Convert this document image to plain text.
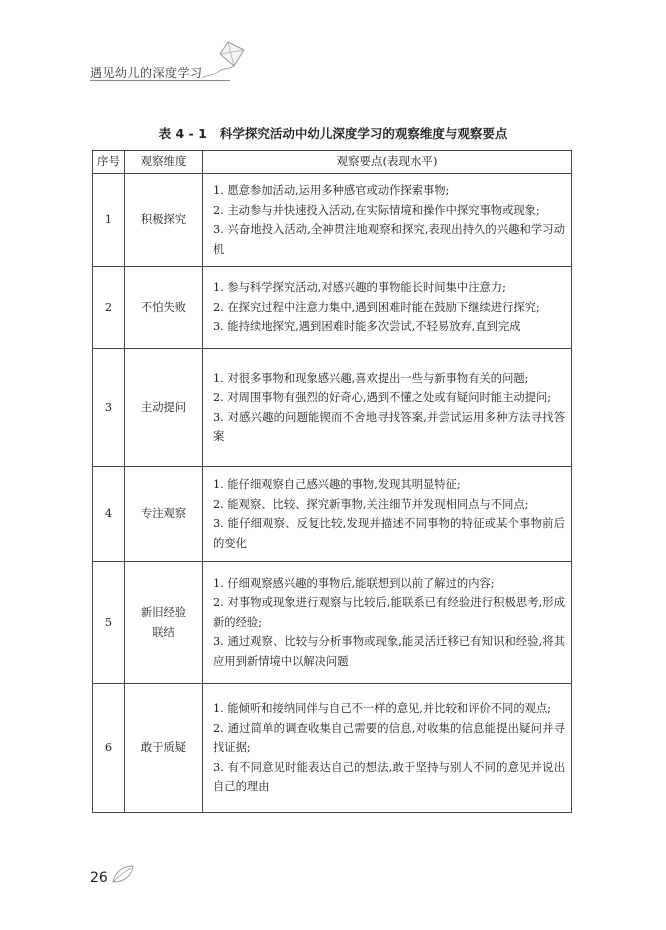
遇见幼儿的深度学习
表 4 - 1 科学探究活动中幼儿深度学习的观察维度与观察要点
序号	观察维度	观察要点(表现水平)
1	积极探究	1. 愿意参加活动,运用多种感官或动作探索事物;
2. 主动参与并快速投入活动,在实际情境和操作中探究事物或现象;
3. 兴奋地投入活动,全神贯注地观察和探究,表现出持久的兴趣和学习动机

2	不怕失败	1. 参与科学探究活动,对感兴趣的事物能长时间集中注意力;
2. 在探究过程中注意力集中,遇到困难时能在鼓励下继续进行探究;
3. 能持续地探究,遇到困难时能多次尝试,不轻易放弃,直到完成

3	主动提问	1. 对很多事物和现象感兴趣,喜欢提出一些与新事物有关的问题;
2. 对周围事物有强烈的好奇心,遇到不懂之处或有疑问时能主动提问;
3. 对感兴趣的问题能锲而不舍地寻找答案,并尝试运用多种方法寻找答案

4	专注观察	1. 能仔细观察自己感兴趣的事物,发现其明显特征;
2. 能观察、比较、探究新事物,关注细节并发现相同点与不同点;
3. 能仔细观察、反复比较,发现并描述不同事物的特征或某个事物前后的变化

5	新旧经验
联结	1. 仔细观察感兴趣的事物后,能联想到以前了解过的内容;
2. 对事物或现象进行观察与比较后,能联系已有经验进行积极思考,形成新的经验;
3. 通过观察、比较与分析事物或现象,能灵活迁移已有知识和经验,将其应用到新情境中以解决问题

6	敢于质疑	1. 能倾听和接纳同伴与自己不一样的意见,并比较和评价不同的观点;
2. 通过简单的调查收集自己需要的信息,对收集的信息能提出疑问并寻找证据;
3. 有不同意见时能表达自己的想法,敢于坚持与别人不同的意见并说出自己的理由
26
